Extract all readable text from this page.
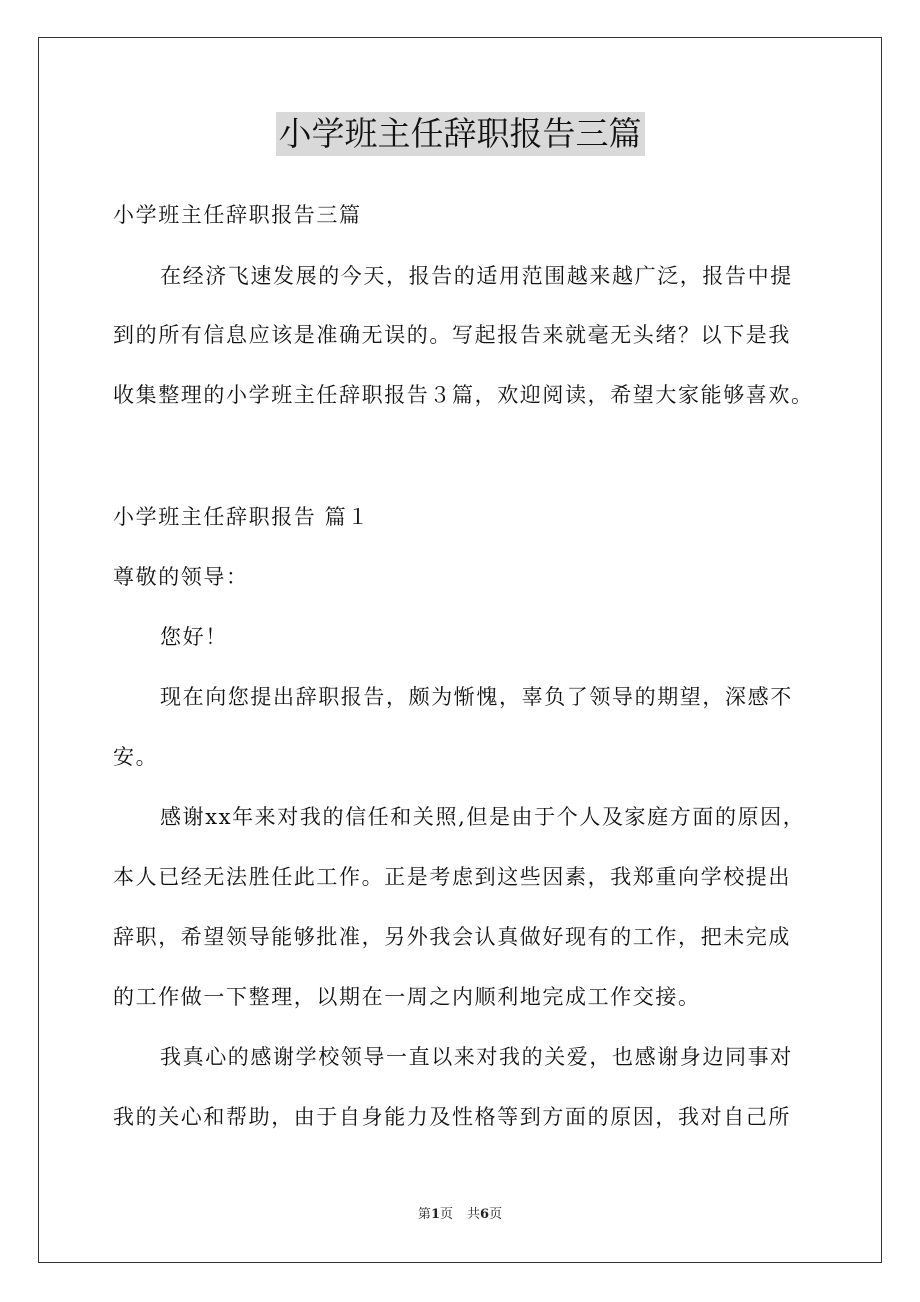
小学班主任辞职报告三篇
小学班主任辞职报告三篇
在经济飞速发展的今天，报告的适用范围越来越广泛，报告中提
到的所有信息应该是准确无误的。写起报告来就毫无头绪？以下是我
收集整理的小学班主任辞职报告３篇，欢迎阅读，希望大家能够喜欢。
小学班主任辞职报告 篇１
尊敬的领导：
您好！
现在向您提出辞职报告，颇为惭愧，辜负了领导的期望，深感不
安。
感谢xx年来对我的信任和关照,但是由于个人及家庭方面的原因，
本人已经无法胜任此工作。正是考虑到这些因素，我郑重向学校提出
辞职，希望领导能够批准，另外我会认真做好现有的工作，把未完成
的工作做一下整理，以期在一周之内顺利地完成工作交接。
我真心的感谢学校领导一直以来对我的关爱，也感谢身边同事对
我的关心和帮助，由于自身能力及性格等到方面的原因，我对自己所
第1页 共6页
